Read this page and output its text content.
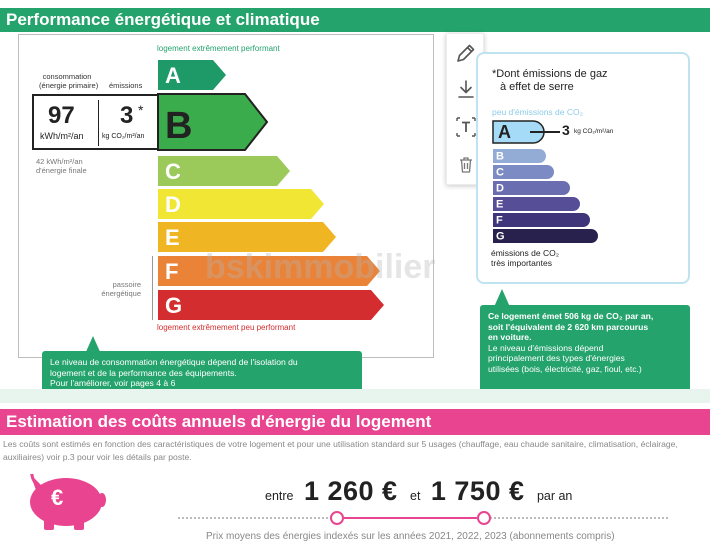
Performance énergétique et climatique
logement extrêmement performant
consommation
(énergie primaire) émissions A
B
C
D
E
F
G
97
kWh/m²/an
3 *
kg CO₂/m²/an
42 kWh/m²/an
d'énergie finale
passoire
énergétique
logement extrêmement peu performant
bskimmobilier
*Dont émissions de gaz
à effet de serre
peu d'émissions de CO₂
A
B
C
D
E
F
G
3 kg CO₂/m²/an
émissions de CO₂
très importantes
Le niveau de consommation énergétique dépend de l'isolation du
logement et de la performance des équipements.
Pour l'améliorer, voir pages 4 à 6
Ce logement émet 506 kg de CO₂ par an,
soit l'équivalent de 2 620 km parcourus
en voiture.
Le niveau d'émissions dépend
principalement des types d'énergies
utilisées (bois, électricité, gaz, fioul, etc.)
Estimation des coûts annuels d'énergie du logement
Les coûts sont estimés en fonction des caractéristiques de votre logement et pour une utilisation standard sur 5 usages (chauffage, eau chaude sanitaire, climatisation, éclairage, auxiliaires) voir p.3 pour voir les détails par poste.
€	entre 1 260 € et 1 750 € par an
Prix moyens des énergies indexés sur les années 2021, 2022, 2023 (abonnements compris)
